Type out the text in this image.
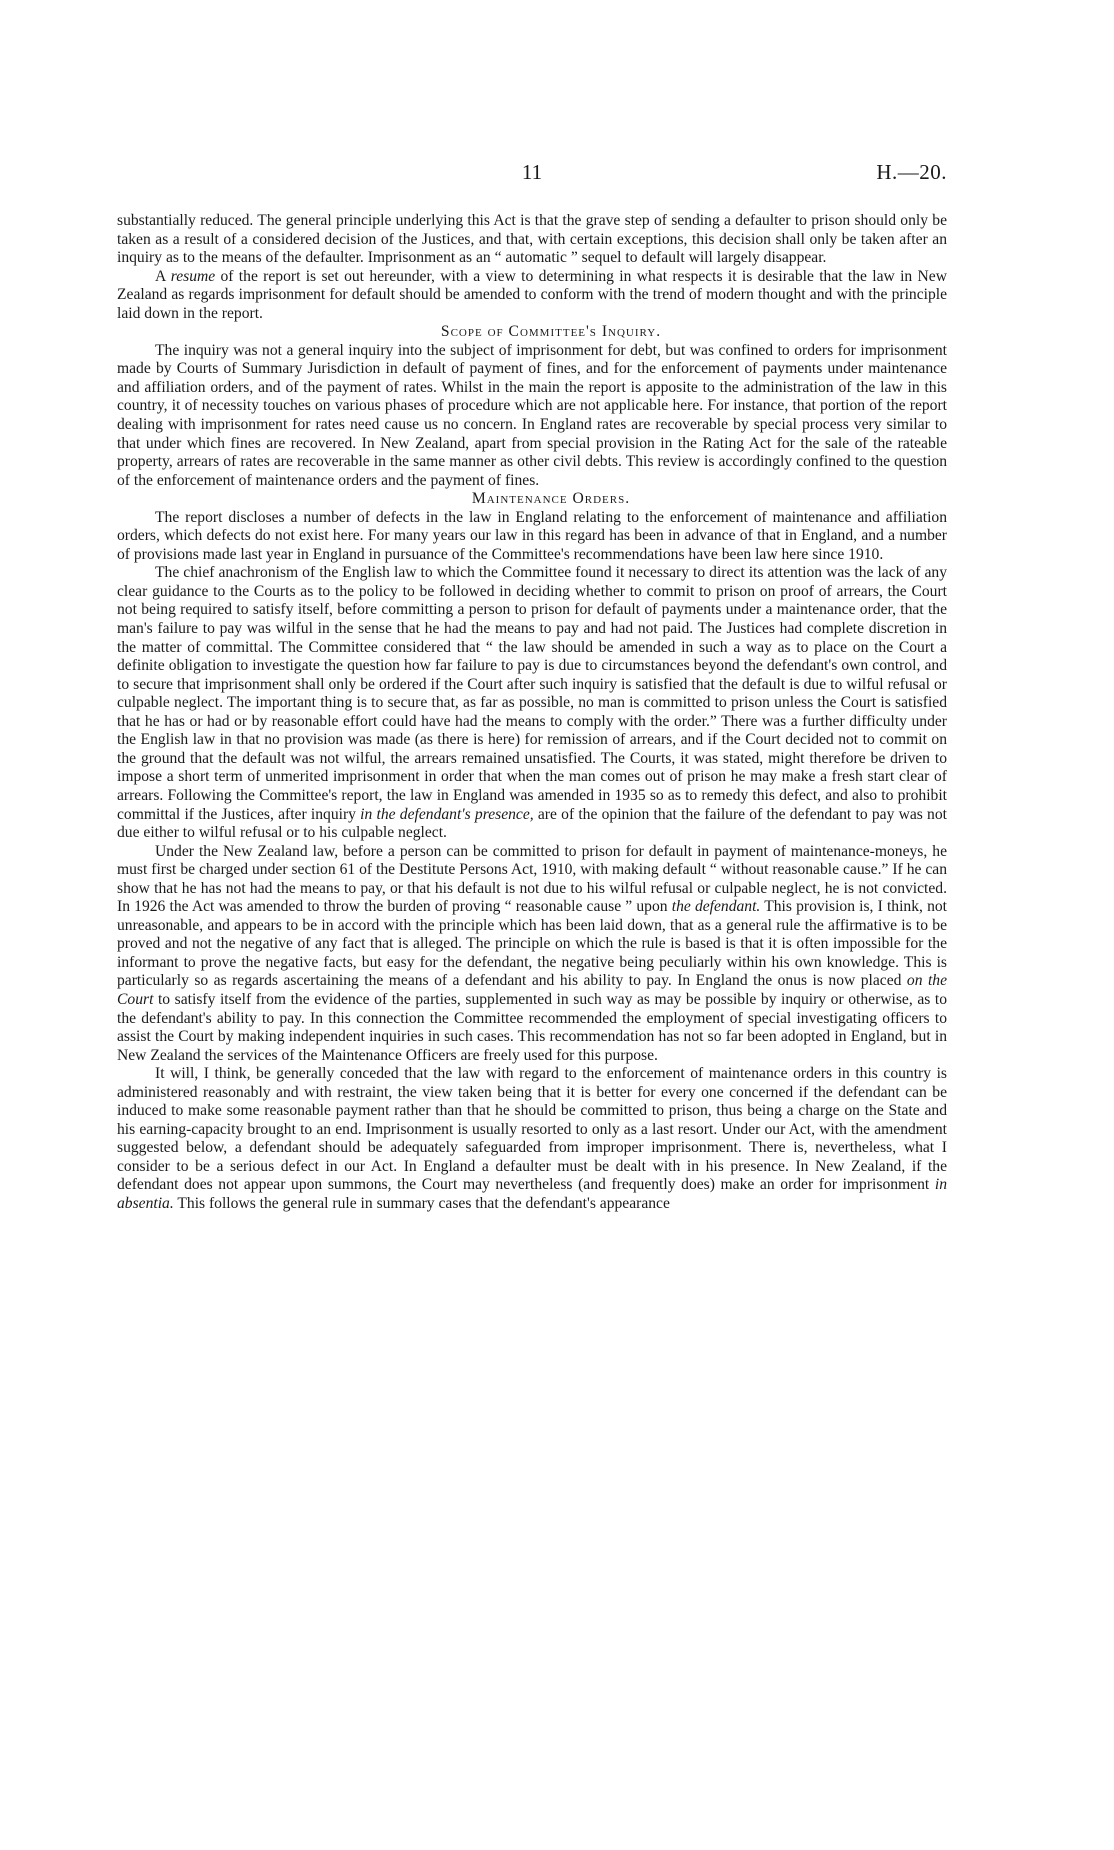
11	H.—20.

substantially reduced. The general principle underlying this Act is that the grave step of sending a defaulter to prison should only be taken as a result of a considered decision of the Justices, and that, with certain exceptions, this decision shall only be taken after an inquiry as to the means of the defaulter. Imprisonment as an “ automatic ” sequel to default will largely disappear.

A resume of the report is set out hereunder, with a view to determining in what respects it is desirable that the law in New Zealand as regards imprisonment for default should be amended to conform with the trend of modern thought and with the principle laid down in the report.

Scope of Committee's Inquiry.

The inquiry was not a general inquiry into the subject of imprisonment for debt, but was confined to orders for imprisonment made by Courts of Summary Jurisdiction in default of payment of fines, and for the enforcement of payments under maintenance and affiliation orders, and of the payment of rates. Whilst in the main the report is apposite to the administration of the law in this country, it of necessity touches on various phases of procedure which are not applicable here. For instance, that portion of the report dealing with imprisonment for rates need cause us no concern. In England rates are recoverable by special process very similar to that under which fines are recovered. In New Zealand, apart from special provision in the Rating Act for the sale of the rateable property, arrears of rates are recoverable in the same manner as other civil debts. This review is accordingly confined to the question of the enforcement of maintenance orders and the payment of fines.

Maintenance Orders.

The report discloses a number of defects in the law in England relating to the enforcement of maintenance and affiliation orders, which defects do not exist here. For many years our law in this regard has been in advance of that in England, and a number of provisions made last year in England in pursuance of the Committee's recommendations have been law here since 1910.

The chief anachronism of the English law to which the Committee found it necessary to direct its attention was the lack of any clear guidance to the Courts as to the policy to be followed in deciding whether to commit to prison on proof of arrears, the Court not being required to satisfy itself, before committing a person to prison for default of payments under a maintenance order, that the man's failure to pay was wilful in the sense that he had the means to pay and had not paid. The Justices had complete discretion in the matter of committal. The Committee considered that “ the law should be amended in such a way as to place on the Court a definite obligation to investigate the question how far failure to pay is due to circumstances beyond the defendant's own control, and to secure that imprisonment shall only be ordered if the Court after such inquiry is satisfied that the default is due to wilful refusal or culpable neglect. The important thing is to secure that, as far as possible, no man is committed to prison unless the Court is satisfied that he has or had or by reasonable effort could have had the means to comply with the order.” There was a further difficulty under the English law in that no provision was made (as there is here) for remission of arrears, and if the Court decided not to commit on the ground that the default was not wilful, the arrears remained unsatisfied. The Courts, it was stated, might therefore be driven to impose a short term of unmerited imprisonment in order that when the man comes out of prison he may make a fresh start clear of arrears. Following the Committee's report, the law in England was amended in 1935 so as to remedy this defect, and also to prohibit committal if the Justices, after inquiry in the defendant's presence, are of the opinion that the failure of the defendant to pay was not due either to wilful refusal or to his culpable neglect.

Under the New Zealand law, before a person can be committed to prison for default in payment of maintenance-moneys, he must first be charged under section 61 of the Destitute Persons Act, 1910, with making default “ without reasonable cause.” If he can show that he has not had the means to pay, or that his default is not due to his wilful refusal or culpable neglect, he is not convicted. In 1926 the Act was amended to throw the burden of proving “ reasonable cause ” upon the defendant. This provision is, I think, not unreasonable, and appears to be in accord with the principle which has been laid down, that as a general rule the affirmative is to be proved and not the negative of any fact that is alleged. The principle on which the rule is based is that it is often impossible for the informant to prove the negative facts, but easy for the defendant, the negative being peculiarly within his own knowledge. This is particularly so as regards ascertaining the means of a defendant and his ability to pay. In England the onus is now placed on the Court to satisfy itself from the evidence of the parties, supplemented in such way as may be possible by inquiry or otherwise, as to the defendant's ability to pay. In this connection the Committee recommended the employment of special investigating officers to assist the Court by making independent inquiries in such cases. This recommendation has not so far been adopted in England, but in New Zealand the services of the Maintenance Officers are freely used for this purpose.

It will, I think, be generally conceded that the law with regard to the enforcement of maintenance orders in this country is administered reasonably and with restraint, the view taken being that it is better for every one concerned if the defendant can be induced to make some reasonable payment rather than that he should be committed to prison, thus being a charge on the State and his earning-capacity brought to an end. Imprisonment is usually resorted to only as a last resort. Under our Act, with the amendment suggested below, a defendant should be adequately safeguarded from improper imprisonment. There is, nevertheless, what I consider to be a serious defect in our Act. In England a defaulter must be dealt with in his presence. In New Zealand, if the defendant does not appear upon summons, the Court may nevertheless (and frequently does) make an order for imprisonment in absentia. This follows the general rule in summary cases that the defendant's appearance
